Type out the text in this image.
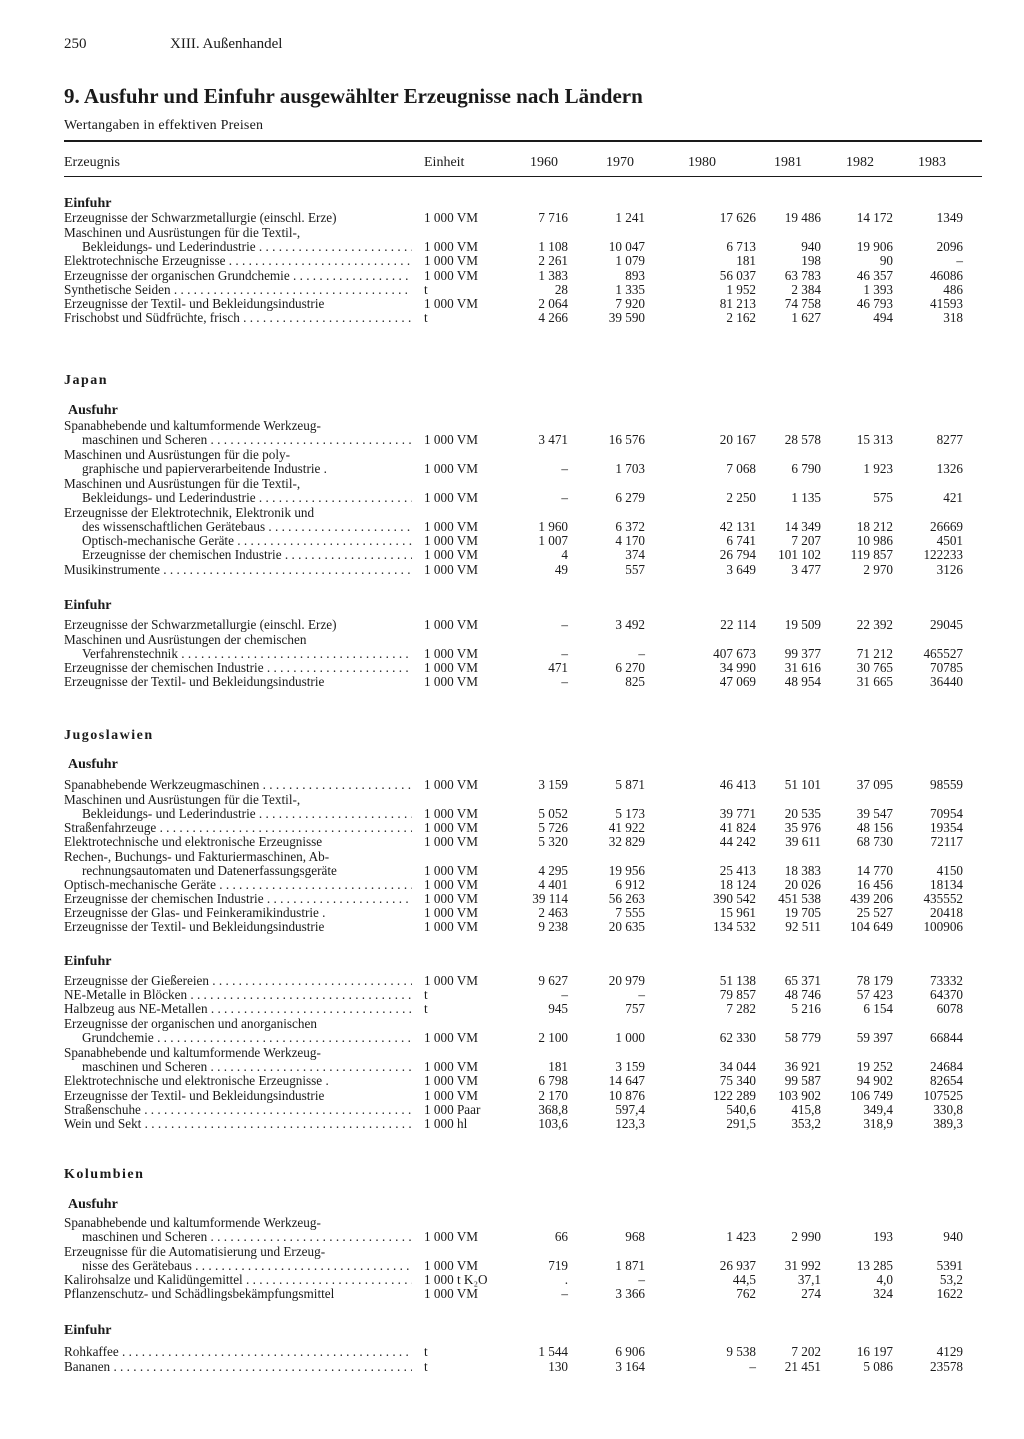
250	XIII. Außenhandel
9. Ausfuhr und Einfuhr ausgewählter Erzeugnisse nach Ländern
Wertangaben in effektiven Preisen
Erzeugnis	Einheit	1960	1970	1980	1981	1982	1983
Einfuhr
Erzeugnisse der Schwarzmetallurgie (einschl. Erze)	1 000 VM	7 716	1 241	17 626	19 486	14 172	1349
Maschinen und Ausrüstungen für die Textil-,
Bekleidungs- und Lederindustrie . . .	1 000 VM	1 108	10 047	6 713	940	19 906	2096
Elektrotechnische Erzeugnisse . . .	1 000 VM	2 261	1 079	181	198	90	–
Erzeugnisse der organischen Grundchemie . . .	1 000 VM	1 383	893	56 037	63 783	46 357	46086
Synthetische Seiden . . .	t	28	1 335	1 952	2 384	1 393	486
Erzeugnisse der Textil- und Bekleidungsindustrie	1 000 VM	2 064	7 920	81 213	74 758	46 793	41593
Frischobst und Südfrüchte, frisch . . .	t	4 266	39 590	2 162	1 627	494	318
Japan
Ausfuhr
Spanabhebende und kaltumformende Werkzeug-
maschinen und Scheren . . .	1 000 VM	3 471	16 576	20 167	28 578	15 313	8277
Maschinen und Ausrüstungen für die poly-
graphische und papierverarbeitende Industrie .	1 000 VM	–	1 703	7 068	6 790	1 923	1326
Maschinen und Ausrüstungen für die Textil-,
Bekleidungs- und Lederindustrie . . .	1 000 VM	–	6 279	2 250	1 135	575	421
Erzeugnisse der Elektrotechnik, Elektronik und
des wissenschaftlichen Gerätebaus . . .	1 000 VM	1 960	6 372	42 131	14 349	18 212	26669
Optisch-mechanische Geräte . . .	1 000 VM	1 007	4 170	6 741	7 207	10 986	4501
Erzeugnisse der chemischen Industrie . . .	1 000 VM	4	374	26 794	101 102	119 857	122233
Musikinstrumente . . .	1 000 VM	49	557	3 649	3 477	2 970	3126
Einfuhr
Erzeugnisse der Schwarzmetallurgie (einschl. Erze)	1 000 VM	–	3 492	22 114	19 509	22 392	29045
Maschinen und Ausrüstungen der chemischen
Verfahrenstechnik . . .	1 000 VM	–	–	407 673	99 377	71 212	465527
Erzeugnisse der chemischen Industrie . . .	1 000 VM	471	6 270	34 990	31 616	30 765	70785
Erzeugnisse der Textil- und Bekleidungsindustrie	1 000 VM	–	825	47 069	48 954	31 665	36440
Jugoslawien
Ausfuhr
Spanabhebende Werkzeugmaschinen . . .	1 000 VM	3 159	5 871	46 413	51 101	37 095	98559
Maschinen und Ausrüstungen für die Textil-,
Bekleidungs- und Lederindustrie . . .	1 000 VM	5 052	5 173	39 771	20 535	39 547	70954
Straßenfahrzeuge . . .	1 000 VM	5 726	41 922	41 824	35 976	48 156	19354
Elektrotechnische und elektronische Erzeugnisse	1 000 VM	5 320	32 829	44 242	39 611	68 730	72117
Rechen-, Buchungs- und Fakturiermaschinen, Ab-
rechnungsautomaten und Datenerfassungsgeräte	1 000 VM	4 295	19 956	25 413	18 383	14 770	4150
Optisch-mechanische Geräte . . .	1 000 VM	4 401	6 912	18 124	20 026	16 456	18134
Erzeugnisse der chemischen Industrie . . .	1 000 VM	39 114	56 263	390 542	451 538	439 206	435552
Erzeugnisse der Glas- und Feinkeramikindustrie .	1 000 VM	2 463	7 555	15 961	19 705	25 527	20418
Erzeugnisse der Textil- und Bekleidungsindustrie	1 000 VM	9 238	20 635	134 532	92 511	104 649	100906
Einfuhr
Erzeugnisse der Gießereien . . .	1 000 VM	9 627	20 979	51 138	65 371	78 179	73332
NE-Metalle in Blöcken . . .	t	–	–	79 857	48 746	57 423	64370
Halbzeug aus NE-Metallen . . .	t	945	757	7 282	5 216	6 154	6078
Erzeugnisse der organischen und anorganischen
Grundchemie . . .	1 000 VM	2 100	1 000	62 330	58 779	59 397	66844
Spanabhebende und kaltumformende Werkzeug-
maschinen und Scheren . . .	1 000 VM	181	3 159	34 044	36 921	19 252	24684
Elektrotechnische und elektronische Erzeugnisse .	1 000 VM	6 798	14 647	75 340	99 587	94 902	82654
Erzeugnisse der Textil- und Bekleidungsindustrie	1 000 VM	2 170	10 876	122 289	103 902	106 749	107525
Straßenschuhe . . .	1 000 Paar	368,8	597,4	540,6	415,8	349,4	330,8
Wein und Sekt . . .	1 000 hl	103,6	123,3	291,5	353,2	318,9	389,3
Kolumbien
Ausfuhr
Spanabhebende und kaltumformende Werkzeug-
maschinen und Scheren . . .	1 000 VM	66	968	1 423	2 990	193	940
Erzeugnisse für die Automatisierung und Erzeug-
nisse des Gerätebaus . . .	1 000 VM	719	1 871	26 937	31 992	13 285	5391
Kalirohsalze und Kalidüngemittel . . .	1 000 t K₂O	.	–	44,5	37,1	4,0	53,2
Pflanzenschutz- und Schädlingsbekämpfungsmittel	1 000 VM	–	3 366	762	274	324	1622
Einfuhr
Rohkaffee . . .	t	1 544	6 906	9 538	7 202	16 197	4129
Bananen . . .	t	130	3 164	–	21 451	5 086	23578
